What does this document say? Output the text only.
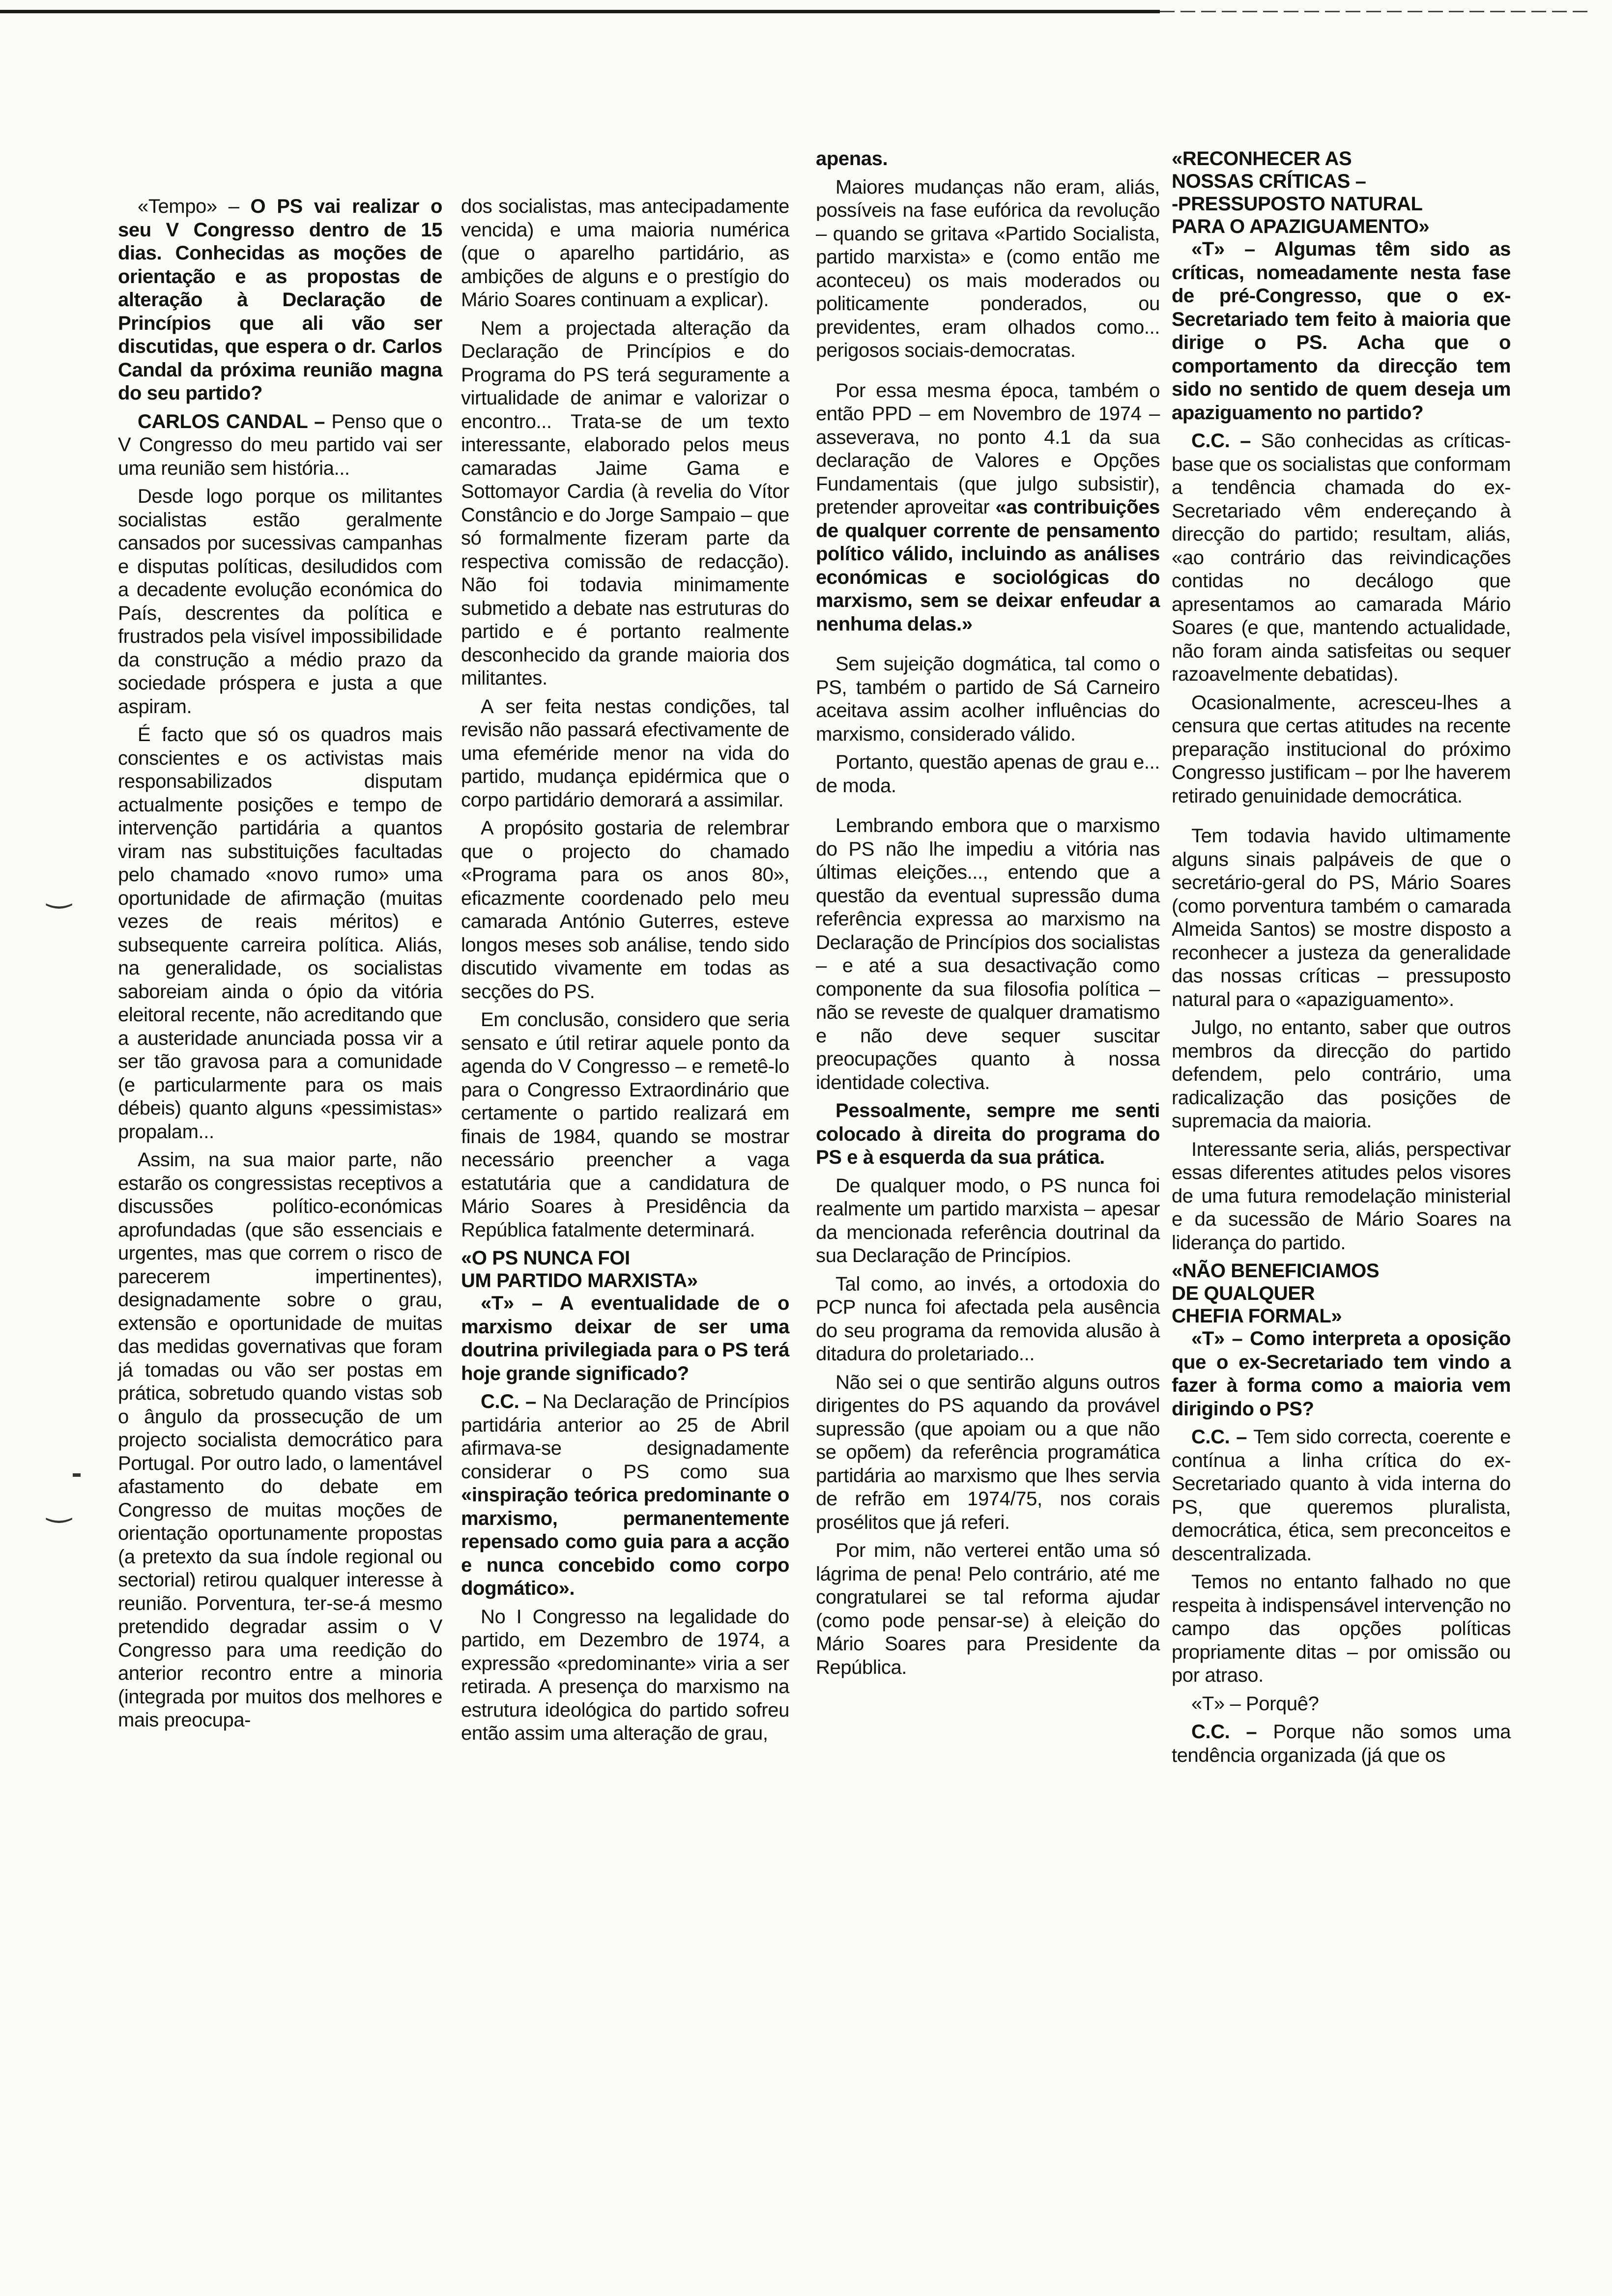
‿
‿

«Tempo» – O PS vai realizar o seu V Congresso dentro de 15 dias. Conhecidas as moções de orientação e as propostas de alteração à Declaração de Princípios que ali vão ser discutidas, que espera o dr. Carlos Candal da próxima reunião magna do seu partido?

CARLOS CANDAL – Penso que o V Congresso do meu partido vai ser uma reunião sem história...

Desde logo porque os militantes socialistas estão geralmente cansados por sucessivas campanhas e disputas políticas, desiludidos com a decadente evolução económica do País, descrentes da política e frustrados pela visível impossibilidade da construção a médio prazo da sociedade próspera e justa a que aspiram.

É facto que só os quadros mais conscientes e os activistas mais responsabilizados disputam actualmente posições e tempo de intervenção partidária a quantos viram nas substituições facultadas pelo chamado «novo rumo» uma oportunidade de afirmação (muitas vezes de reais méritos) e subsequente carreira política. Aliás, na generalidade, os socialistas saboreiam ainda o ópio da vitória eleitoral recente, não acreditando que a austeridade anunciada possa vir a ser tão gravosa para a comunidade (e particularmente para os mais débeis) quanto alguns «pessimistas» propalam...

Assim, na sua maior parte, não estarão os congressistas receptivos a discussões político-económicas aprofundadas (que são essenciais e urgentes, mas que correm o risco de parecerem impertinentes), designadamente sobre o grau, extensão e oportunidade de muitas das medidas governativas que foram já tomadas ou vão ser postas em prática, sobretudo quando vistas sob o ângulo da prossecução de um projecto socialista democrático para Portugal. Por outro lado, o lamentável afastamento do debate em Congresso de muitas moções de orientação oportunamente propostas (a pretexto da sua índole regional ou sectorial) retirou qualquer interesse à reunião. Porventura, ter-se-á mesmo pretendido degradar assim o V Congresso para uma reedição do anterior recontro entre a minoria (integrada por muitos dos melhores e mais preocupa-

dos socialistas, mas antecipadamente vencida) e uma maioria numérica (que o aparelho partidário, as ambições de alguns e o prestígio do Mário Soares continuam a explicar).

Nem a projectada alteração da Declaração de Princípios e do Programa do PS terá seguramente a virtualidade de animar e valorizar o encontro... Trata-se de um texto interessante, elaborado pelos meus camaradas Jaime Gama e Sottomayor Cardia (à revelia do Vítor Constâncio e do Jorge Sampaio – que só formalmente fizeram parte da respectiva comissão de redacção). Não foi todavia minimamente submetido a debate nas estruturas do partido e é portanto realmente desconhecido da grande maioria dos militantes.

A ser feita nestas condições, tal revisão não passará efectivamente de uma efeméride menor na vida do partido, mudança epidérmica que o corpo partidário demorará a assimilar.

A propósito gostaria de relembrar que o projecto do chamado «Programa para os anos 80», eficazmente coordenado pelo meu camarada António Guterres, esteve longos meses sob análise, tendo sido discutido vivamente em todas as secções do PS.

Em conclusão, considero que seria sensato e útil retirar aquele ponto da agenda do V Congresso – e remetê-lo para o Congresso Extraordinário que certamente o partido realizará em finais de 1984, quando se mostrar necessário preencher a vaga estatutária que a candidatura de Mário Soares à Presidência da República fatalmente determinará.

«O PS NUNCA FOI
UM PARTIDO MARXISTA»

«T» – A eventualidade de o marxismo deixar de ser uma doutrina privilegiada para o PS terá hoje grande significado?

C.C. – Na Declaração de Princípios partidária anterior ao 25 de Abril afirmava-se designadamente considerar o PS como sua «inspiração teórica predominante o marxismo, permanentemente repensado como guia para a acção e nunca concebido como corpo dogmático».

No I Congresso na legalidade do partido, em Dezembro de 1974, a expressão «predominante» viria a ser retirada. A presença do marxismo na estrutura ideológica do partido sofreu então assim uma alteração de grau,

apenas.

Maiores mudanças não eram, aliás, possíveis na fase eufórica da revolução – quando se gritava «Partido Socialista, partido marxista» e (como então me aconteceu) os mais moderados ou politicamente ponderados, ou previdentes, eram olhados como... perigosos sociais-democratas.

Por essa mesma época, também o então PPD – em Novembro de 1974 – asseverava, no ponto 4.1 da sua declaração de Valores e Opções Fundamentais (que julgo subsistir), pretender aproveitar «as contribuições de qualquer corrente de pensamento político válido, incluindo as análises económicas e sociológicas do marxismo, sem se deixar enfeudar a nenhuma delas.»

Sem sujeição dogmática, tal como o PS, também o partido de Sá Carneiro aceitava assim acolher influências do marxismo, considerado válido.

Portanto, questão apenas de grau e... de moda.

Lembrando embora que o marxismo do PS não lhe impediu a vitória nas últimas eleições..., entendo que a questão da eventual supressão duma referência expressa ao marxismo na Declaração de Princípios dos socialistas – e até a sua desactivação como componente da sua filosofia política – não se reveste de qualquer dramatismo e não deve sequer suscitar preocupações quanto à nossa identidade colectiva.

Pessoalmente, sempre me senti colocado à direita do programa do PS e à esquerda da sua prática.

De qualquer modo, o PS nunca foi realmente um partido marxista – apesar da mencionada referência doutrinal da sua Declaração de Princípios.

Tal como, ao invés, a ortodoxia do PCP nunca foi afectada pela ausência do seu programa da removida alusão à ditadura do proletariado...

Não sei o que sentirão alguns outros dirigentes do PS aquando da provável supressão (que apoiam ou a que não se opõem) da referência programática partidária ao marxismo que lhes servia de refrão em 1974/75, nos corais prosélitos que já referi.

Por mim, não verterei então uma só lágrima de pena! Pelo contrário, até me congratularei se tal reforma ajudar (como pode pensar-se) à eleição do Mário Soares para Presidente da República.

«RECONHECER AS
NOSSAS CRÍTICAS –
-PRESSUPOSTO NATURAL
PARA O APAZIGUAMENTO»

«T» – Algumas têm sido as críticas, nomeadamente nesta fase de pré-Congresso, que o ex-Secretariado tem feito à maioria que dirige o PS. Acha que o comportamento da direcção tem sido no sentido de quem deseja um apaziguamento no partido?

C.C. – São conhecidas as críticas-base que os socialistas que conformam a tendência chamada do ex-Secretariado vêm endereçando à direcção do partido; resultam, aliás, «ao contrário das reivindicações contidas no decálogo que apresentamos ao camarada Mário Soares (e que, mantendo actualidade, não foram ainda satisfeitas ou sequer razoavelmente debatidas).

Ocasionalmente, acresceu-lhes a censura que certas atitudes na recente preparação institucional do próximo Congresso justificam – por lhe haverem retirado genuinidade democrática.

Tem todavia havido ultimamente alguns sinais palpáveis de que o secretário-geral do PS, Mário Soares (como porventura também o camarada Almeida Santos) se mostre disposto a reconhecer a justeza da generalidade das nossas críticas – pressuposto natural para o «apaziguamento».

Julgo, no entanto, saber que outros membros da direcção do partido defendem, pelo contrário, uma radicalização das posições de supremacia da maioria.

Interessante seria, aliás, perspectivar essas diferentes atitudes pelos visores de uma futura remodelação ministerial e da sucessão de Mário Soares na liderança do partido.

«NÃO BENEFICIAMOS
DE QUALQUER
CHEFIA FORMAL»

«T» – Como interpreta a oposição que o ex-Secretariado tem vindo a fazer à forma como a maioria vem dirigindo o PS?

C.C. – Tem sido correcta, coerente e contínua a linha crítica do ex-Secretariado quanto à vida interna do PS, que queremos pluralista, democrática, ética, sem preconceitos e descentralizada.

Temos no entanto falhado no que respeita à indispensável intervenção no campo das opções políticas propriamente ditas – por omissão ou por atraso.

«T» – Porquê?

C.C. – Porque não somos uma tendência organizada (já que os
